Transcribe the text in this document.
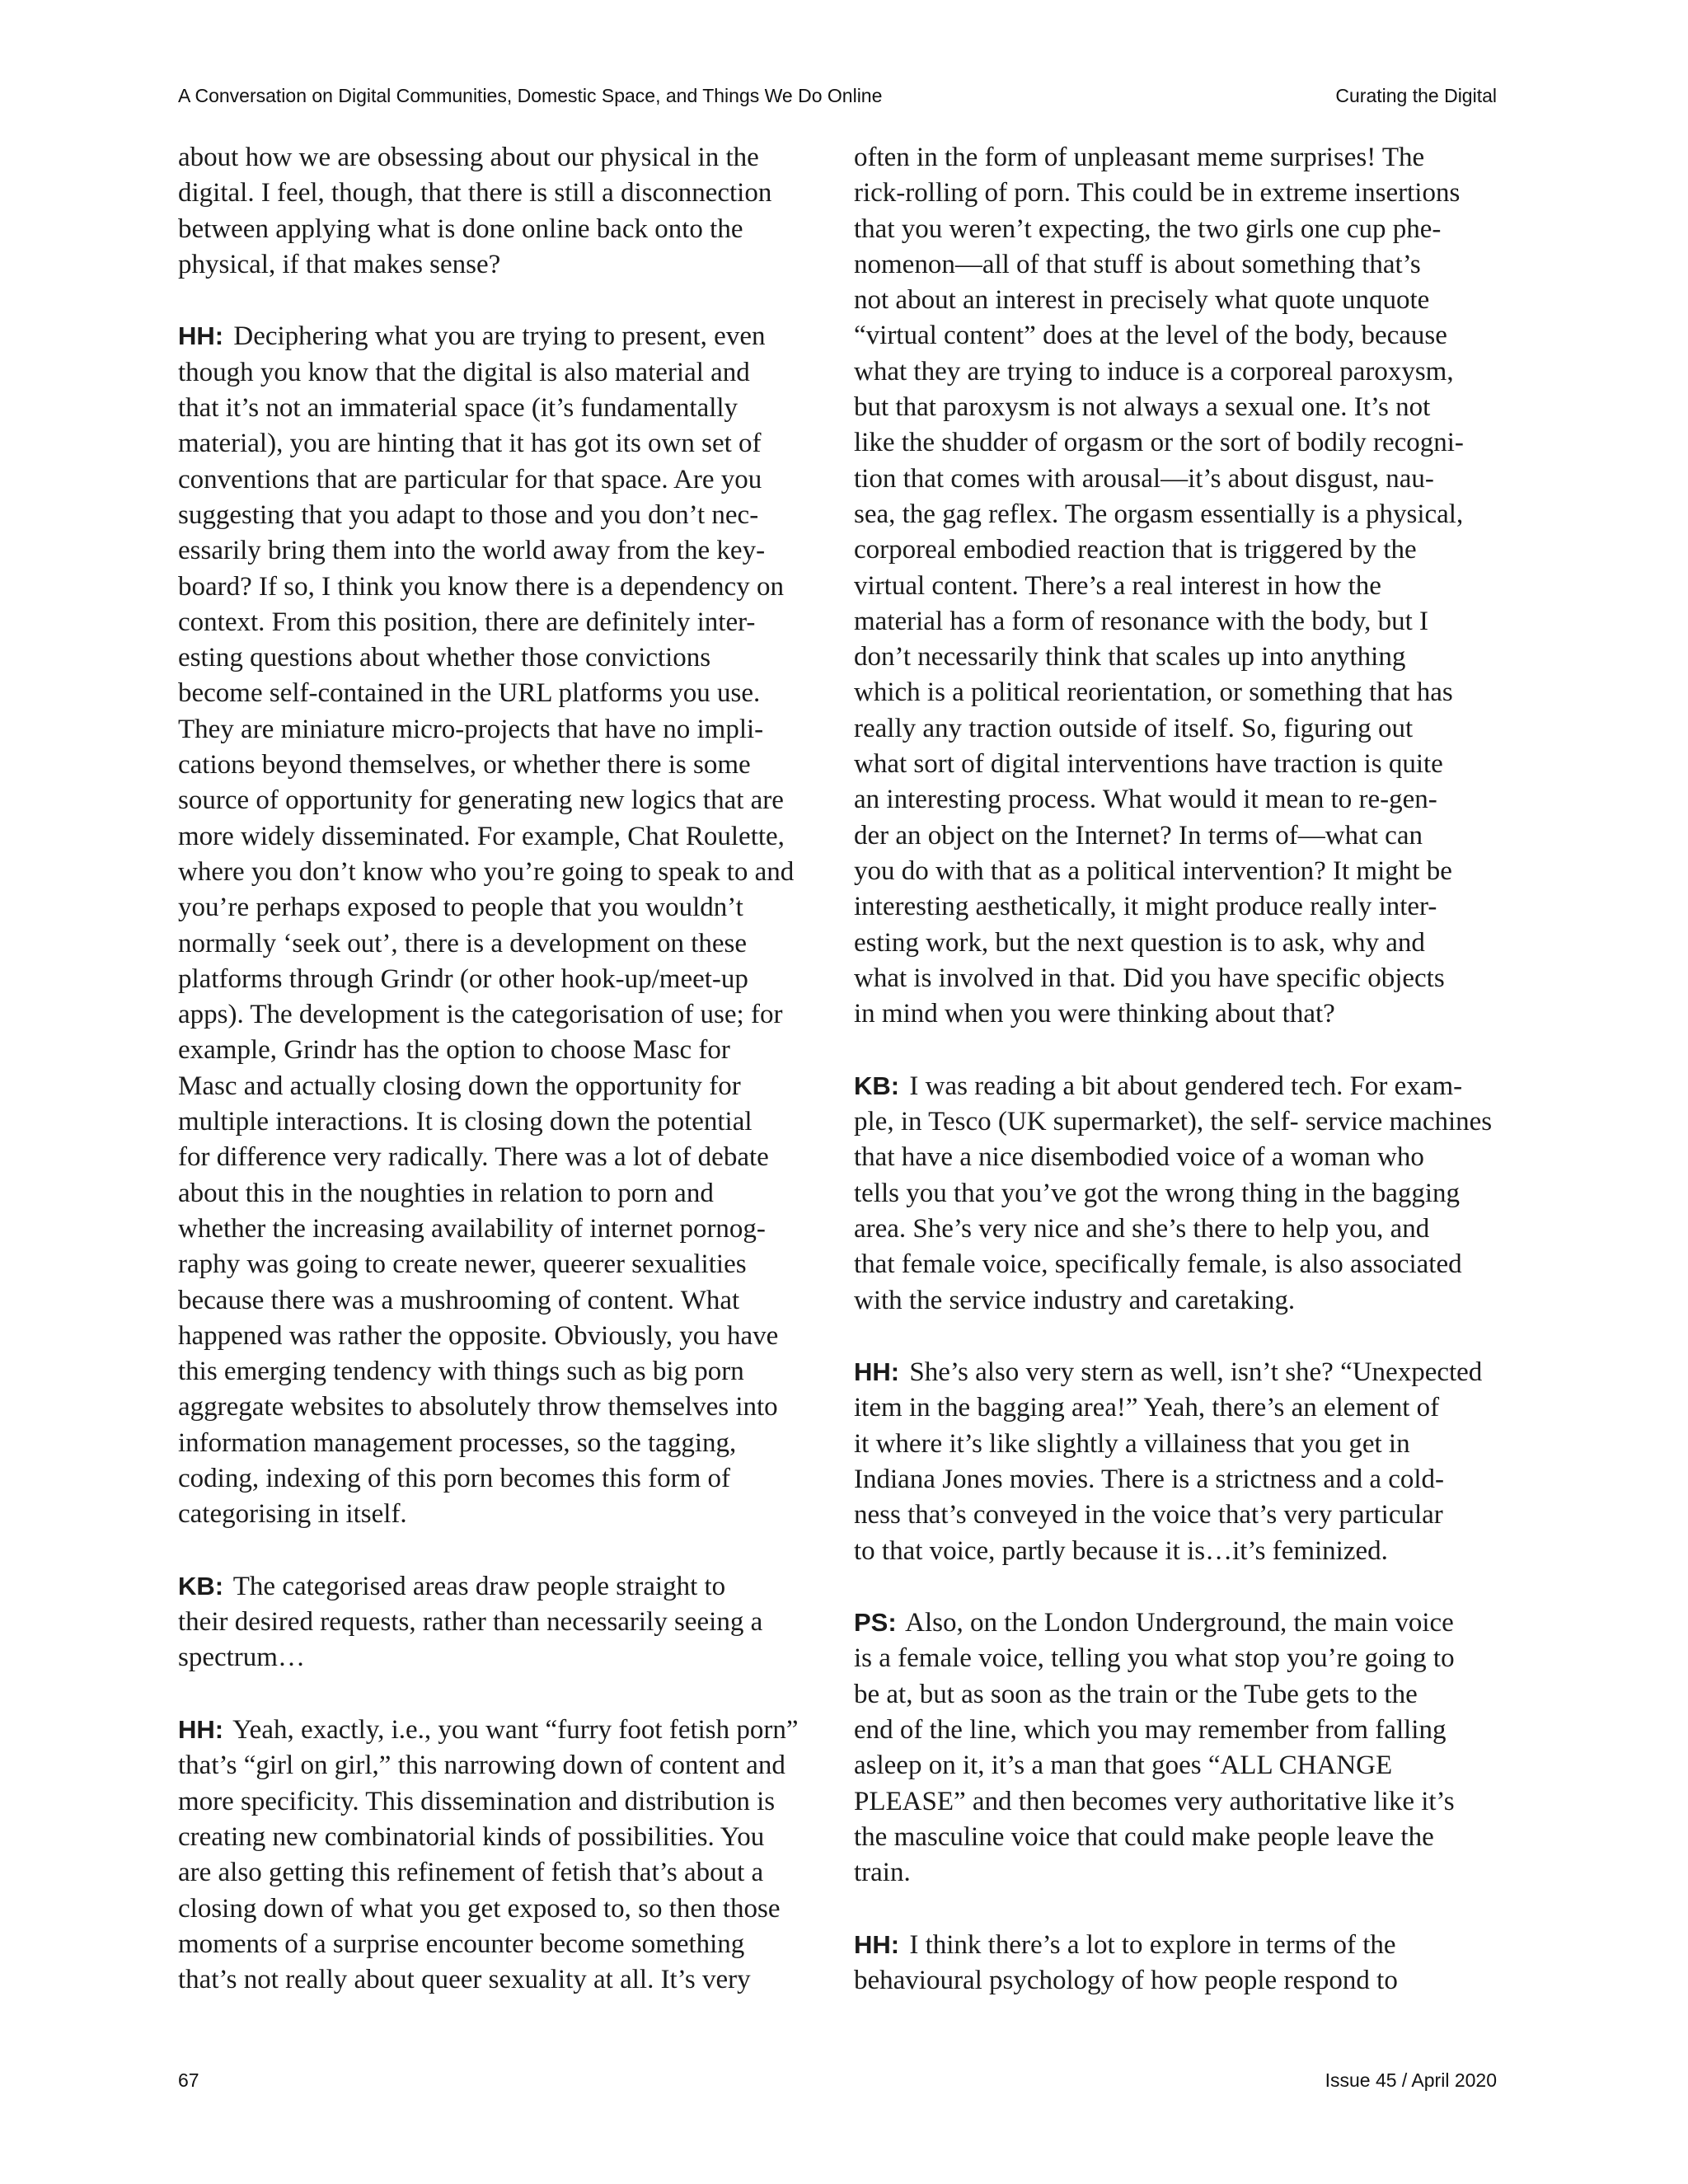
A Conversation on Digital Communities, Domestic Space, and Things We Do Online	Curating the Digital

about how we are obsessing about our physical in the
digital. I feel, though, that there is still a disconnection
between applying what is done online back onto the
physical, if that makes sense?

HH: Deciphering what you are trying to present, even
though you know that the digital is also material and
that it’s not an immaterial space (it’s fundamentally
material), you are hinting that it has got its own set of
conventions that are particular for that space. Are you
suggesting that you adapt to those and you don’t nec-
essarily bring them into the world away from the key-
board? If so, I think you know there is a dependency on
context. From this position, there are definitely inter-
esting questions about whether those convictions
become self-contained in the URL platforms you use.
They are miniature micro-projects that have no impli-
cations beyond themselves, or whether there is some
source of opportunity for generating new logics that are
more widely disseminated. For example, Chat Roulette,
where you don’t know who you’re going to speak to and
you’re perhaps exposed to people that you wouldn’t
normally ‘seek out’, there is a development on these
platforms through Grindr (or other hook-up/meet-up
apps). The development is the categorisation of use; for
example, Grindr has the option to choose Masc for
Masc and actually closing down the opportunity for
multiple interactions. It is closing down the potential
for difference very radically. There was a lot of debate
about this in the noughties in relation to porn and
whether the increasing availability of internet pornog-
raphy was going to create newer, queerer sexualities
because there was a mushrooming of content. What
happened was rather the opposite. Obviously, you have
this emerging tendency with things such as big porn
aggregate websites to absolutely throw themselves into
information management processes, so the tagging,
coding, indexing of this porn becomes this form of
categorising in itself.

KB: The categorised areas draw people straight to
their desired requests, rather than necessarily seeing a
spectrum…

HH: Yeah, exactly, i.e., you want “furry foot fetish porn”
that’s “girl on girl,” this narrowing down of content and
more specificity. This dissemination and distribution is
creating new combinatorial kinds of possibilities. You
are also getting this refinement of fetish that’s about a
closing down of what you get exposed to, so then those
moments of a surprise encounter become something
that’s not really about queer sexuality at all. It’s very

often in the form of unpleasant meme surprises! The
rick-rolling of porn. This could be in extreme insertions
that you weren’t expecting, the two girls one cup phe-
nomenon—all of that stuff is about something that’s
not about an interest in precisely what quote unquote
“virtual content” does at the level of the body, because
what they are trying to induce is a corporeal paroxysm,
but that paroxysm is not always a sexual one. It’s not
like the shudder of orgasm or the sort of bodily recogni-
tion that comes with arousal—it’s about disgust, nau-
sea, the gag reflex. The orgasm essentially is a physical,
corporeal embodied reaction that is triggered by the
virtual content. There’s a real interest in how the
material has a form of resonance with the body, but I
don’t necessarily think that scales up into anything
which is a political reorientation, or something that has
really any traction outside of itself. So, figuring out
what sort of digital interventions have traction is quite
an interesting process. What would it mean to re-gen-
der an object on the Internet? In terms of—what can
you do with that as a political intervention? It might be
interesting aesthetically, it might produce really inter-
esting work, but the next question is to ask, why and
what is involved in that. Did you have specific objects
in mind when you were thinking about that?

KB: I was reading a bit about gendered tech. For exam-
ple, in Tesco (UK supermarket), the self- service machines
that have a nice disembodied voice of a woman who
tells you that you’ve got the wrong thing in the bagging
area. She’s very nice and she’s there to help you, and
that female voice, specifically female, is also associated
with the service industry and caretaking.

HH: She’s also very stern as well, isn’t she? “Unexpected
item in the bagging area!” Yeah, there’s an element of
it where it’s like slightly a villainess that you get in
Indiana Jones movies. There is a strictness and a cold-
ness that’s conveyed in the voice that’s very particular
to that voice, partly because it is…it’s feminized.

PS: Also, on the London Underground, the main voice
is a female voice, telling you what stop you’re going to
be at, but as soon as the train or the Tube gets to the
end of the line, which you may remember from falling
asleep on it, it’s a man that goes “ALL CHANGE
PLEASE” and then becomes very authoritative like it’s
the masculine voice that could make people leave the
train.

HH: I think there’s a lot to explore in terms of the
behavioural psychology of how people respond to

67	Issue 45 / April 2020
